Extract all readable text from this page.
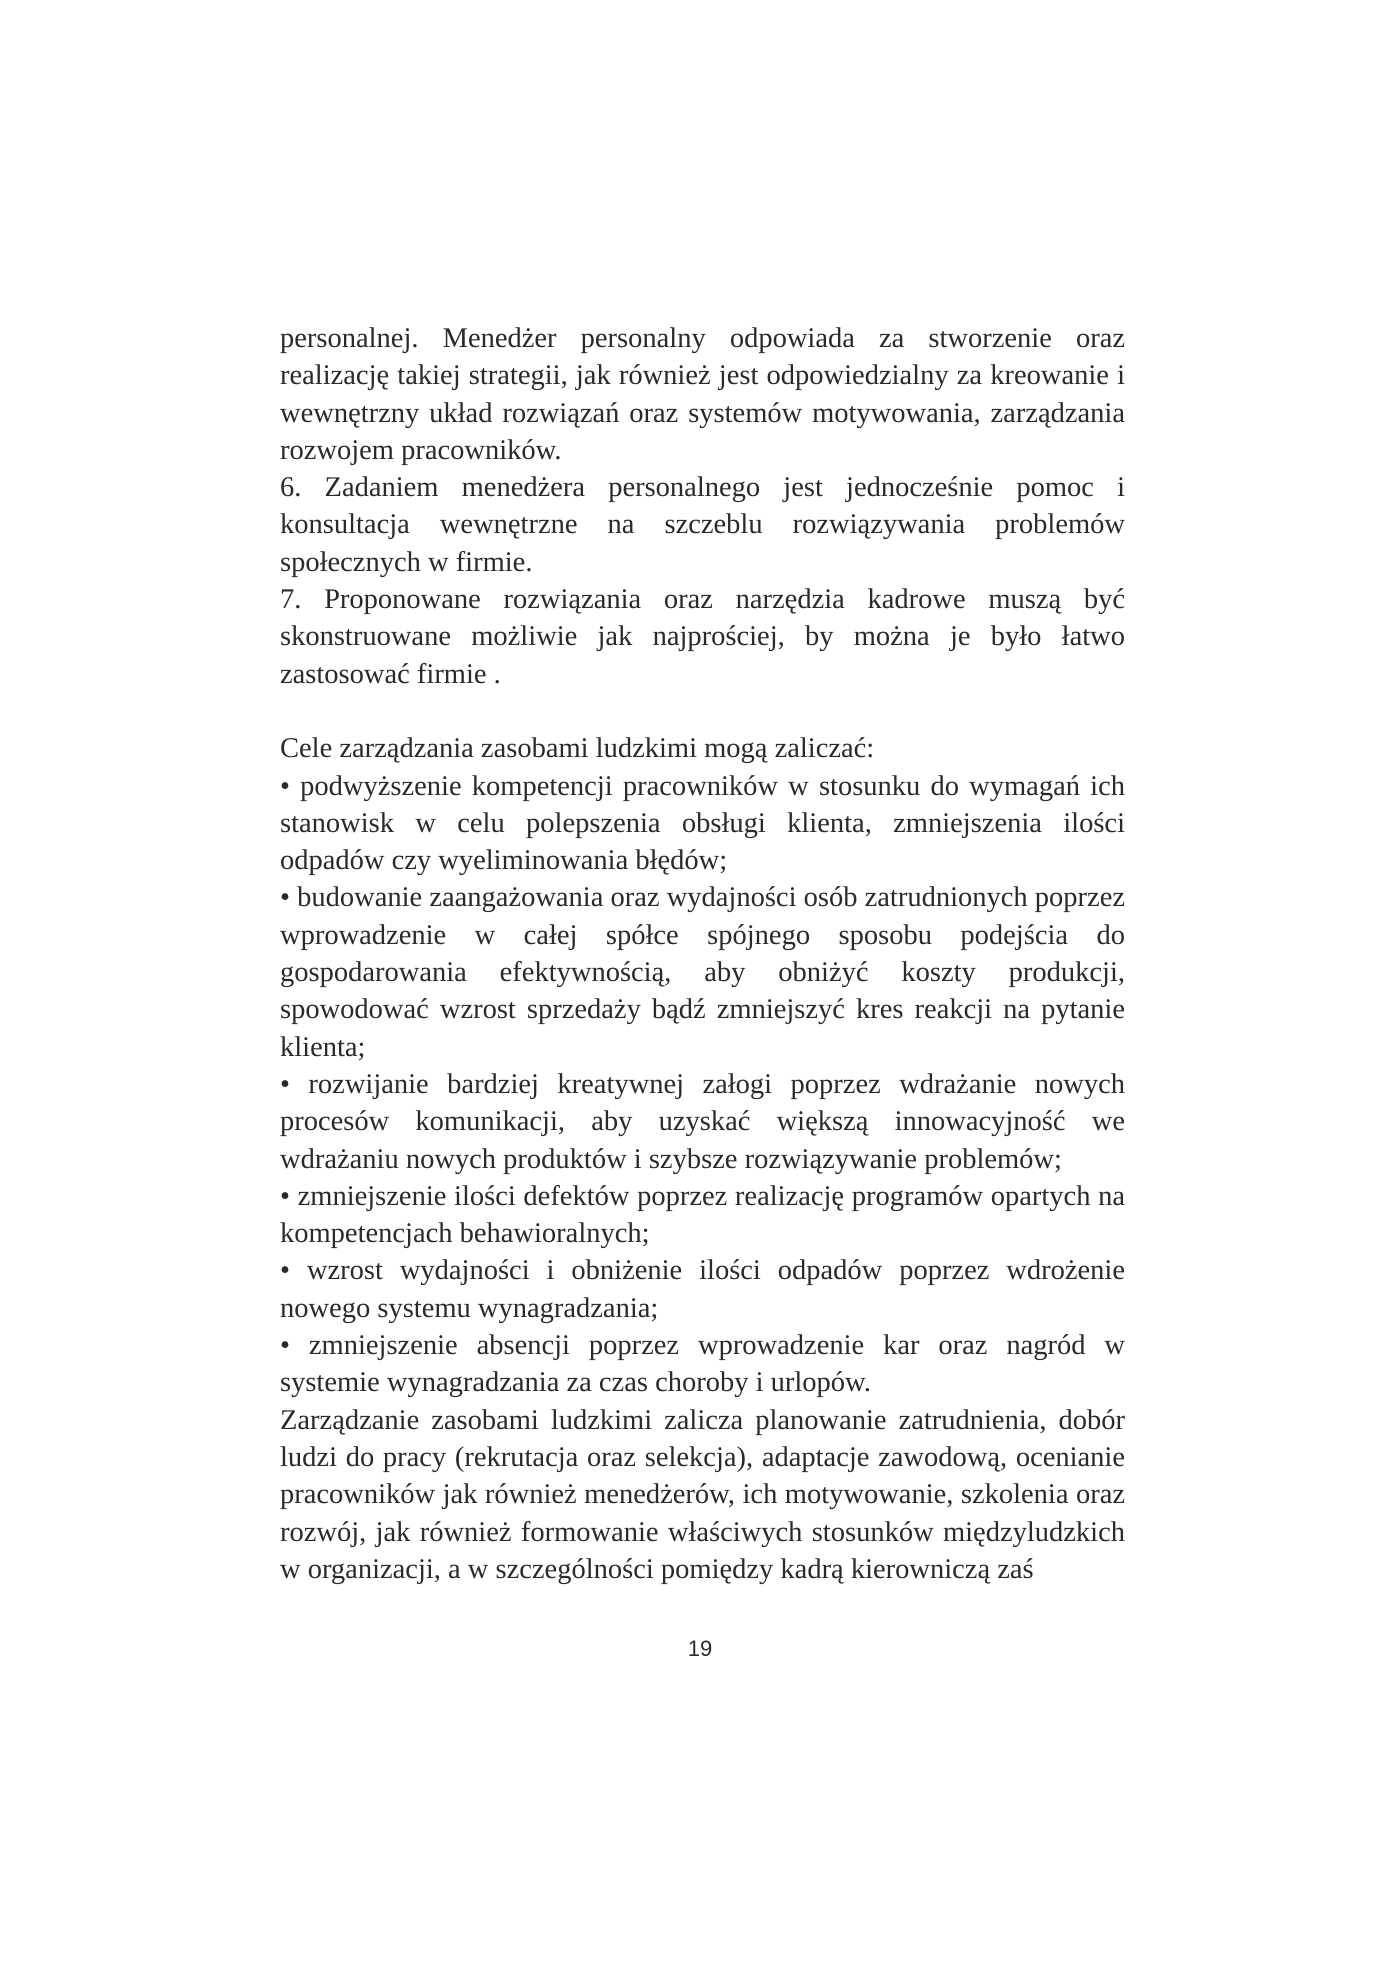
personalnej. Menedżer personalny odpowiada za stworzenie oraz realizację takiej strategii, jak również jest odpowiedzialny za kreowanie i wewnętrzny układ rozwiązań oraz systemów motywowania, zarządzania rozwojem pracowników.

6. Zadaniem menedżera personalnego jest jednocześnie pomoc i konsultacja wewnętrzne na szczeblu rozwiązywania problemów społecznych w firmie.

7. Proponowane rozwiązania oraz narzędzia kadrowe muszą być skonstruowane możliwie jak najprościej, by można je było łatwo zastosować firmie .

Cele zarządzania zasobami ludzkimi mogą zaliczać:

• podwyższenie kompetencji pracowników w stosunku do wymagań ich stanowisk w celu polepszenia obsługi klienta, zmniejszenia ilości odpadów czy wyeliminowania błędów;

• budowanie zaangażowania oraz wydajności osób zatrudnionych poprzez wprowadzenie w całej spółce spójnego sposobu podejścia do gospodarowania efektywnością, aby obniżyć koszty produkcji, spowodować wzrost sprzedaży bądź zmniejszyć kres reakcji na pytanie klienta;

• rozwijanie bardziej kreatywnej załogi poprzez wdrażanie nowych procesów komunikacji, aby uzyskać większą innowacyjność we wdrażaniu nowych produktów i szybsze rozwiązywanie problemów;

• zmniejszenie ilości defektów poprzez realizację programów opartych na kompetencjach behawioralnych;

• wzrost wydajności i obniżenie ilości odpadów poprzez wdrożenie nowego systemu wynagradzania;

• zmniejszenie absencji poprzez wprowadzenie kar oraz nagród w systemie wynagradzania za czas choroby i urlopów.

Zarządzanie zasobami ludzkimi zalicza planowanie zatrudnienia, dobór ludzi do pracy (rekrutacja oraz selekcja), adaptacje zawodową, ocenianie pracowników jak również menedżerów, ich motywowanie, szkolenia oraz rozwój, jak również formowanie właściwych stosunków międzyludzkich w organizacji, a w szczególności pomiędzy kadrą kierowniczą zaś

19
